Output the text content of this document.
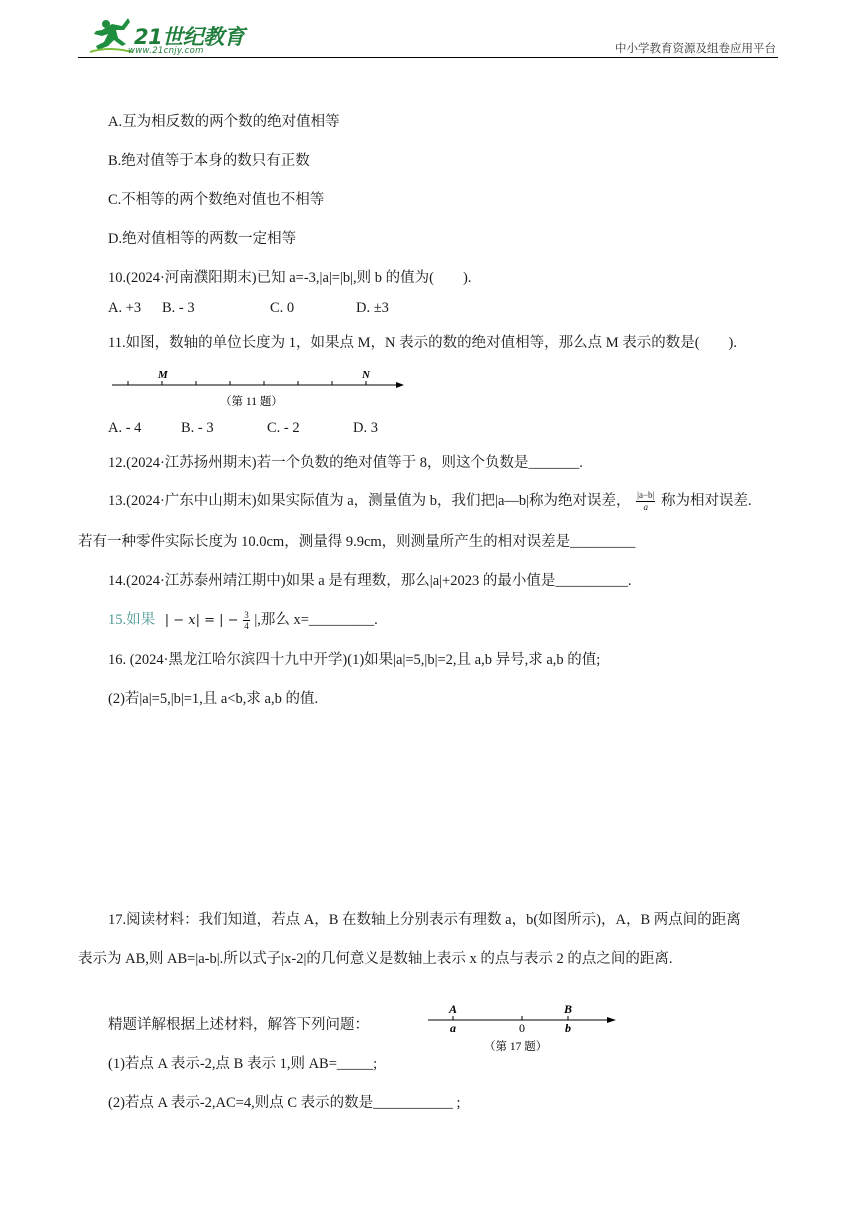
21世纪教育
www.21cnjy.com	中小学教育资源及组卷应用平台
A.互为相反数的两个数的绝对值相等
B.绝对值等于本身的数只有正数
C.不相等的两个数绝对值也不相等
D.绝对值相等的两数一定相等
10.(2024·河南濮阳期末)已知 a=-3,|a|=|b|,则 b 的值为(　　).
A. +3 B. - 3	C. 0	D. ±3
11.如图，数轴的单位长度为 1，如果点 M，N 表示的数的绝对值相等，那么点 M 表示的数是(　　).
M	N
（第 11 题）
A. - 4	B. - 3	C. - 2	D. 3
12.(2024·江苏扬州期末)若一个负数的绝对值等于 8，则这个负数是_______.
13.(2024·广东中山期末)如果实际值为 a，测量值为 b，我们把|a—b|称为绝对误差， $\frac{|a-b|}{a}$ 称为相对误差.
若有一种零件实际长度为 10.0cm，测量得 9.9cm，则测量所产生的相对误差是_________
14.(2024·江苏泰州靖江期中)如果 a 是有理数，那么|a|+2023 的最小值是__________.
15.如果 | − 𝑥| = | − $\frac{3}{4}$ |,那么 x=_________.
16. (2024·黑龙江哈尔滨四十九中开学)(1)如果|a|=5,|b|=2,且 a,b 异号,求 a,b 的值;
(2)若|a|=5,|b|=1,且 a<b,求 a,b 的值.
17.阅读材料：我们知道，若点 A，B 在数轴上分别表示有理数 a，b(如图所示)，A，B 两点间的距离
表示为 AB,则 AB=|a-b|.所以式子|x-2|的几何意义是数轴上表示 x 的点与表示 2 的点之间的距离.
精题详解根据上述材料，解答下列问题：
A
a	0
B
b
（第 17 题）
(1)若点 A 表示-2,点 B 表示 1,则 AB=_____;
(2)若点 A 表示-2,AC=4,则点 C 表示的数是___________ ;
